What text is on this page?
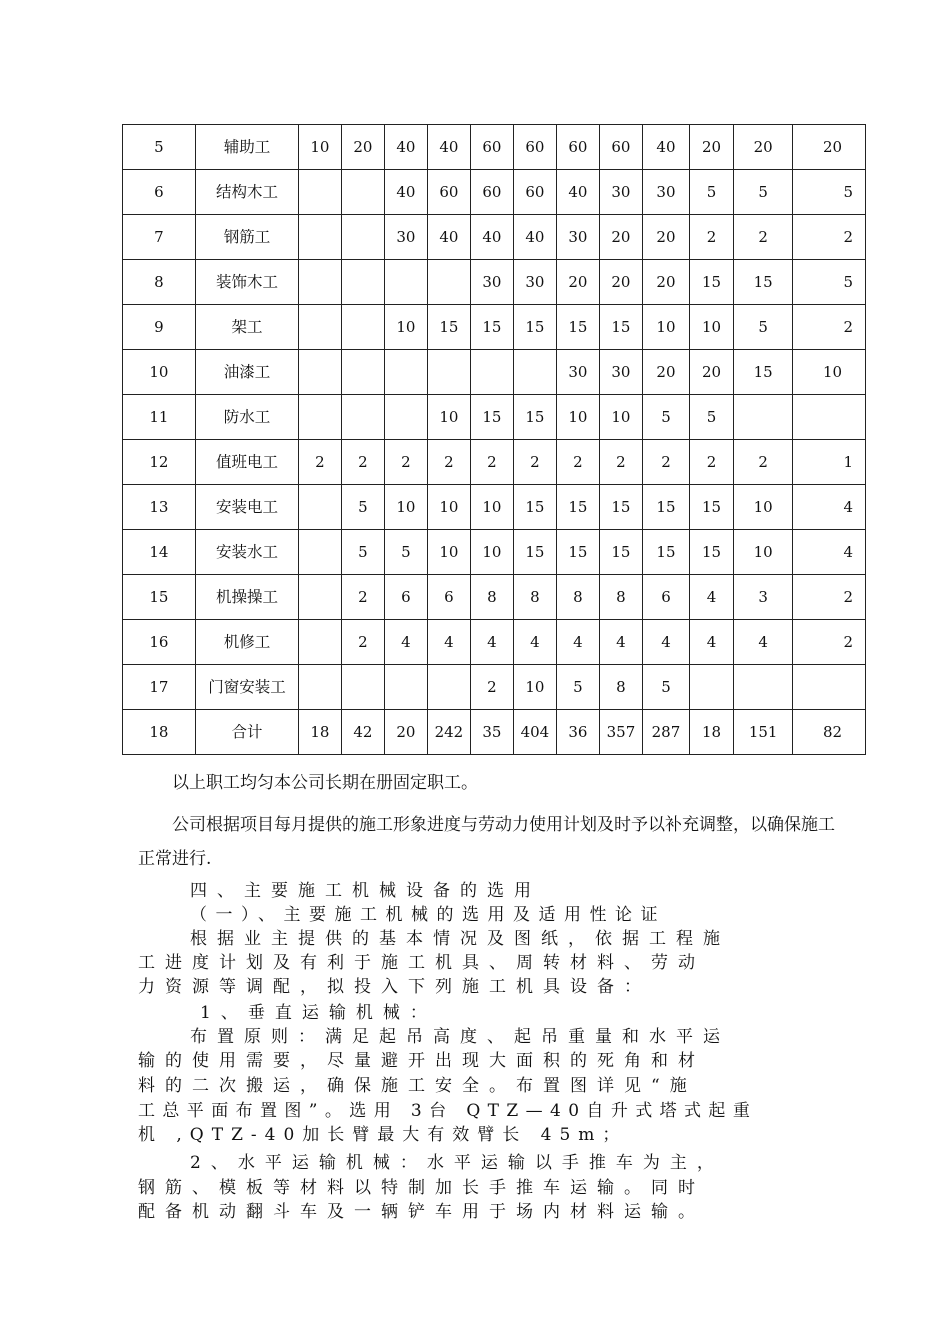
5	辅助工	10	20	40	40	60	60	60	60	40	20	20	20
6	结构木工			40	60	60	60	40	30	30	5	5	5
7	钢筋工			30	40	40	40	30	20	20	2	2	2
8	装饰木工					30	30	20	20	20	15	15	5
9	架工			10	15	15	15	15	15	10	10	5	2
10	油漆工							30	30	20	20	15	10
11	防水工				10	15	15	10	10	5	5		
12	值班电工	2	2	2	2	2	2	2	2	2	2	2	1
13	安装电工		5	10	10	10	15	15	15	15	15	10	4
14	安装水工		5	5	10	10	15	15	15	15	15	10	4
15	机操操工		2	6	6	8	8	8	8	6	4	3	2
16	机修工		2	4	4	4	4	4	4	4	4	4	2
17	门窗安装工					2	10	5	8	5			
18	合计	18	42	20	242	35	404	36	357	287	18	151	82
以上职工均匀本公司长期在册固定职工。
公司根据项目每月提供的施工形象进度与劳动力使用计划及时予以补充调整，以确保施工正常进行.
四、主要施工机械设备的选用
（一）、主要施工机械的选用及适用性论证
根据业主提供的基本情况及图纸，依据工程施
工进度计划及有利于施工机具、周转材料、劳动
力资源等调配，拟投入下列施工机具设备：
1、垂直运输机械：
布置原则：满足起吊高度、起吊重量和水平运
输的使用需要，尽量避开出现大面积的死角和材
料的二次搬运，确保施工安全。布置图详见“施
工总平面布置图”。选用 3台 QTZ—40自升式塔式起重
机 ,QTZ-40加长臂最大有效臂长 45m；
2、水平运输机械：水平运输以手推车为主，
钢筋、模板等材料以特制加长手推车运输。同时
配备机动翻斗车及一辆铲车用于场内材料运输。
